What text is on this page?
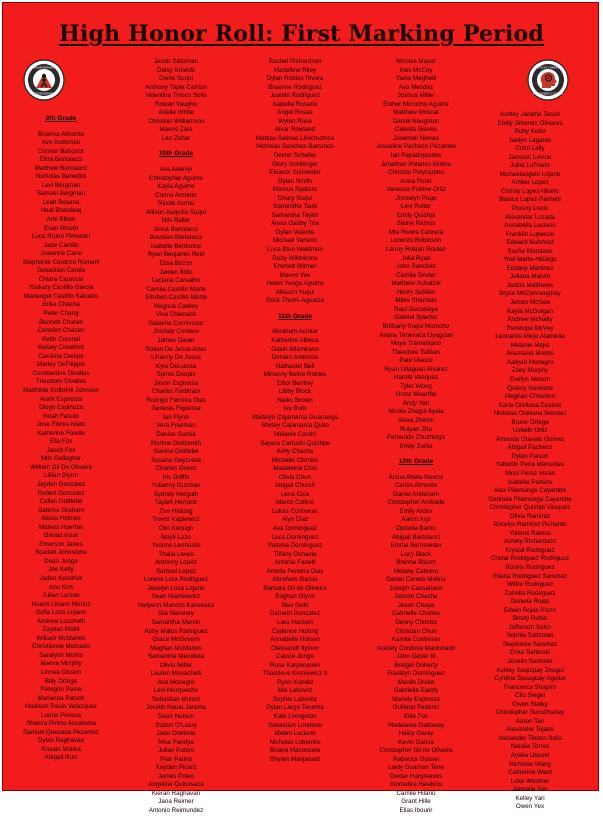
High Honor Roll: First Marking Period
PERSEVERANCE
PERSEVERANCE
CRITICAL THINKING
PENSAMIENTO CRITICO
9th Grade
Brianna Almonte
Ava Anderson
Connor Babcock
Eliza Bartolacci
Matthew Bartolacci
Nicholas Benedict
Levi Bergman
Samuel Bergman
Leah Besana
Neal Bhardwaj
Arbi Biberi
Evan Bloom
Luca Bruno Pimentel
Jade Camilo
Jowanna Cano
Stephanie Cardozo Romani
Sebastian Carela
Chiara Caroccia
Yoskary Castillo Garcia
Mariangel Castillo Salcedo
Erika Chacha
Peter Chang
Bennett Charen
Camden Chazen
Keith Coronel
Kelsey Crawford
Carolina Crespo
Marley DeFilippis
Constantine Divallas
Theodore Divallas
Matthilda Erdbrink Johnson
Arahi Espinoza
Diogo Espinoza
Noah Fasulo
Jose Flores Nieto
Katherine Forelle
Ella Fox
Jacob Fox
Milo Gallagher
William Gil De Oliveira
Lillian Glynn
Jayden Gonzalez
Robert Gonzalez
Callan Gottlebe
Sabrina Graham
Alexis Holmes
Mateus Huertas
Gerald Insar
Emerson Janes
Scarlett Johnstone
Dean Junge
Joe Kelly
Jaden Kendrick
Anu Kim
Julian Larson
Noemi Liriano Munoz
Sofia Loza Lojano
Andrew Lucchetti
Zaydan Malik
William McMahon
Christianne Mercado
Saralynn Morris
Maeve Murphy
Linnea Olsson
Billy Ortega
Peregrin Paine
Marianna Patsch
Madison Paula Velazquez
Luana Pessoa
Shakira Pinina Aucatoma
Samuel Quezada Pezantez
Dylan Raghavan
Rosaio Molina
Abigail Ruiz
Jacob Saltzman
Daisy Shields
Denis Suqui
Anthony Tapia Carrion
Valentina Tinoco Solis
Rowan Vaughn
Adelle White
Christian Williamson
Maeve Zara
Leo Zohar
10th Grade
Ava Adeniyi
Christopher Aguirre
Kayla Aguirre
Corina Armeter
Nicole Asmal
Allison Auquilla Suqui
Nils Baller
Anna Bartolacci
Brendan Bartolacci
Isabella Bentonne
Ryan Benjamin Reid
Elisa Bozzo
Jaiden Brito
Luciana Carvalho
Camila Castillo Marte
Ettuben Castillo Marte
Magnus Cawley
Viva Chemack
Galavna Cornivsoor
Jhodaly Cordero
James Dauer
Rollan De Jesus Arias
Lihanny De Jesus
Kyle DeLuccia
Spiros Doupis
Jason Espinosa
Charles Farbman
Rodrigo Ferreira Dias
Genesis Figueroa
Ian Flynn
Vera Freeman
Danise Garcia
Marlow Goldsmith
Gavina Gottlebe
Susana Goyzueta
Charles Green
Iris Griffin
Yulianny Guzman
Sydney Herguth
Taylah Herrano
Zoe Hislung
Trevor Kaplewicz
Olin Keough
Mayli Lazo
Yvonne Leonardo
Thalia Leves
Anthony Lopez
Samuel Lopez
Lorena Lora Rodriguez
Jeselyn Loza Lojano
Sean Mackiewicz
Malyenn Mancini Kanesaka
Gia Maroney
Samantha Marvin
Abby Matos Rodriguez
Grace McGovern
Meghan McMahon
Samantha Mendieta
Olivia Miller
Lauren Monachelli
Ava Monegro
Levi Morquecho
Sebastian Munoz
Jocelin Naula Jarama
Dean Nelson
Sutton O'Leary
Jade Orellana
Niva Pandya
Julian Patino
Pilar Patino
Kaydan Picard
James Poleo
Angelina Quituisaca
Kieran Raghavan
Jana Reimer
Antonio Reimundez
Rachel Richardson
Madelline Riley
Dylan Robles Rivera
Breanne Rodriguez
Juanlin Rodriguez
Isabella Rosario
Angel Rosas
Wylen Rose
Alvar Rowland
Mattias Salinas Llivichuzhca
Nicholas Sanchez-Barranco
Dexter Scheller
Glory Schillinger
Eleanor Schneider
Dylan Smith
Marcus Spataro
Dhary Suqui
Samantha Taub
Samantha Taylor
Alexa Gabby Tria
Dylan Valente
Michael Varlano
Luca Blue Waldman
Ruby Wildvirons
Emmett Witmer
Maeve Yee
Helen Yunga Aguirre
Allisson Yuqui
Erick Zhumi-Aguaiza
11th Grade
Abraham Achkar
Katherine Albeca
Gavin Altamirano
Doreen Ambrose
Nathaniel Bell
Mirianny Beltre Robles
Elliot Bentley
Libby Block
Naiku Brown
Ivy Burk
Madelyn Cajamarca Guananga
Shirley Cajamarca Quito
Melanie Carchi
Sayara Cartuchi Quizhpe
Kelly Chacha
Michelle Chimbo
Madeleine Choi
Olivia Chun
Abigail Church
Lena Cica
Marco Collins
Lukas Contreras
Alyn Diaz
Ava Dominguez
Luca Dominguez
Paloma Dominguez
Tiffany Donavia
Antonia Fanelli
Amelia Ferreira Dias
Abraham Garcia
Barbara Gil de Oliveira
Eoghan Glynn
Max Gold
Demetri Gonzalez
Lara Hansen
Cadence Hulong
Annabelle Hutson
Oleksandr Ilyinov
Cassie Junge
Rose Karpenstein
Thaddeus Kroniewicz II
Ryan Kundid
Mia Labovitz
Sophie Labovitz
Dylan Largo Tenema
Kate Livingston
Sebastian Londono
Mateo Luciano
Nicholas Lubianko
Briana Macancela
Shyam Manjanath
Nicolas Mayor
Ines McCoy
Yania Meghelli
Ava Mendez
Joshua Miller
Esther Morocho Aguirre
Matthew Moscat
Daniel Naughton
Celesta Nieves
Josemeli Nieves
Josseline Pacheco Pezantes
Ian Papadopoulos
Jonathan Polanco Molina
Christos Polycarpou
Anna Poret
Vanessa Pretine Ortiz
Jhoselyn Pugo
Levi Putter
Emily Quizhpi
Slaine Ramos
Mia Rivera Cabrera
Lorenzo Robinson
Lenny Rokian Roldan
Julia Ryan
John Sanchez
Camila Sinder
Matthew Schatzel
Henry Schiller
Miles Sheridan
Raul Socualaya
Gabriel Spector
Brithany Suqui Morocho
Ariana Tenesaca Llyaguari
Maya Tramantano
Theodore Tsilikas
Paul Ulacco
Ryan Ullaguari Alvarez
Harold Vasquez
Tyler Wong
Greta Wuerffel
Andy Yari
Nicole Zhagui Ayala
Alexa Zhimin
Ruiyan Zhu
Fernando Zhuzhingo
Emily Zurita
12th Grade
Anina Abele-Nevins
Carlos Almonte
Daniel Anderson
Christopher Andrade
Emily Ardes
Aaron Arpi
Ophelia Baron
Abigail Bartolacci
Emma Bernroeder
Lucy Black
Brenna Bloom
Melany Cabrera
Daniel Canela Molina
Joseph Cassariano
Jasson Chacha
Jason Chaya
Gabrielle Charles
Denny Chimbo
Christian Chun
Kamila Contreras
Aracely Cordova Maldonado
John Dauer III
Bridget Doherty
Franklyn Dominguez
Mavlin Drake
Gabriella Eaddy
Mariely Espinoza
Guillano Federici
Ellie Fox
Madeleine Galloway
Heidy Garay
Kevin Garcia
Christopher Gil de Oliveira
Rebecca Gossel
Leidy Guaman Tene
Dexter Hargreaves
Xiomahra Hawkins
Camile Hilario
Grant Hille
Elias Ibourir
Ashley Jarama Tacuri
Emily Jimenez Olivares
Ruby Kotur
Jaelyn Lagares
Colm Lally
Jackson Levine
Juliet LoFredo
Michaelangelo Lojano
Amber Lopez
Christy Lopez-Hilario
Bianca Lopez-Parnetti
Prosny Louis
Alexander Lozada
Annabella Luciano
Franklin Lupercio
Edward Mahmod
Sasha Marciano
Yoel Marte-Hidalgo
Eddany Martinez
Juliana Marvin
Jadzia Matthews
Bryce McConnaughay
James McGee
Kayla McGuigan
Andrew McNally
Penelope McVey
Leonardo Mejia Alameda
Melanie Mejia
Anastasia Mentis
Aaliyah Monegro
Zoey Murphy
Evelyn Nelson
Quincy Newland
Meghan O'Hanlon
Karla Orellana Casiola
Nickolas Orellana Mendez
Bruce Ortega
Lisbeth Ortiz
Amanda Otavalo Gomez
Abigail Pacheco
Dylan Patsch
Yaberlin Pena Mercedes
Nicol Perez Veras
Isabella Perkins
Alex Pilamunga Cayambe
Gabriela Pilamunga Cayambe
Christopher Quizhpi Vasquez
Olivia Ramirez
Bricelys Ramirez Pichardo
Yolenni Ramos
Ashley Richardson
Krystal Rodriguez
Cristal Rodriguez Rodriguez
Rosiris Rodriguez
Eliana Rodriguez Sanchez
Wilfre Rodriguez
Zohella Rodriguez
Daniela Rojas
Edwin Rojas Picon
Brody Rubin
Jefferson Salco
Sophie Saltzman
Stephanie Sanchez
Erika Santoski
Jocelin Santoski
Ashley Saquipay Zhagui
Cynthia Sasaguay Aguilar
Francesca Shapiro
Clio Siegel
Owen Staley
Christopher Sucuzhanay
Aaron Tan
Alexander Tejada
Alexander Tinoco Solis
Natalia Torres
Ayaka Utsumi
Nicholas Wang
Catherine Ward
Luke Weidner
Jiamelie Yan
Kelley Yari
Owen Yex
